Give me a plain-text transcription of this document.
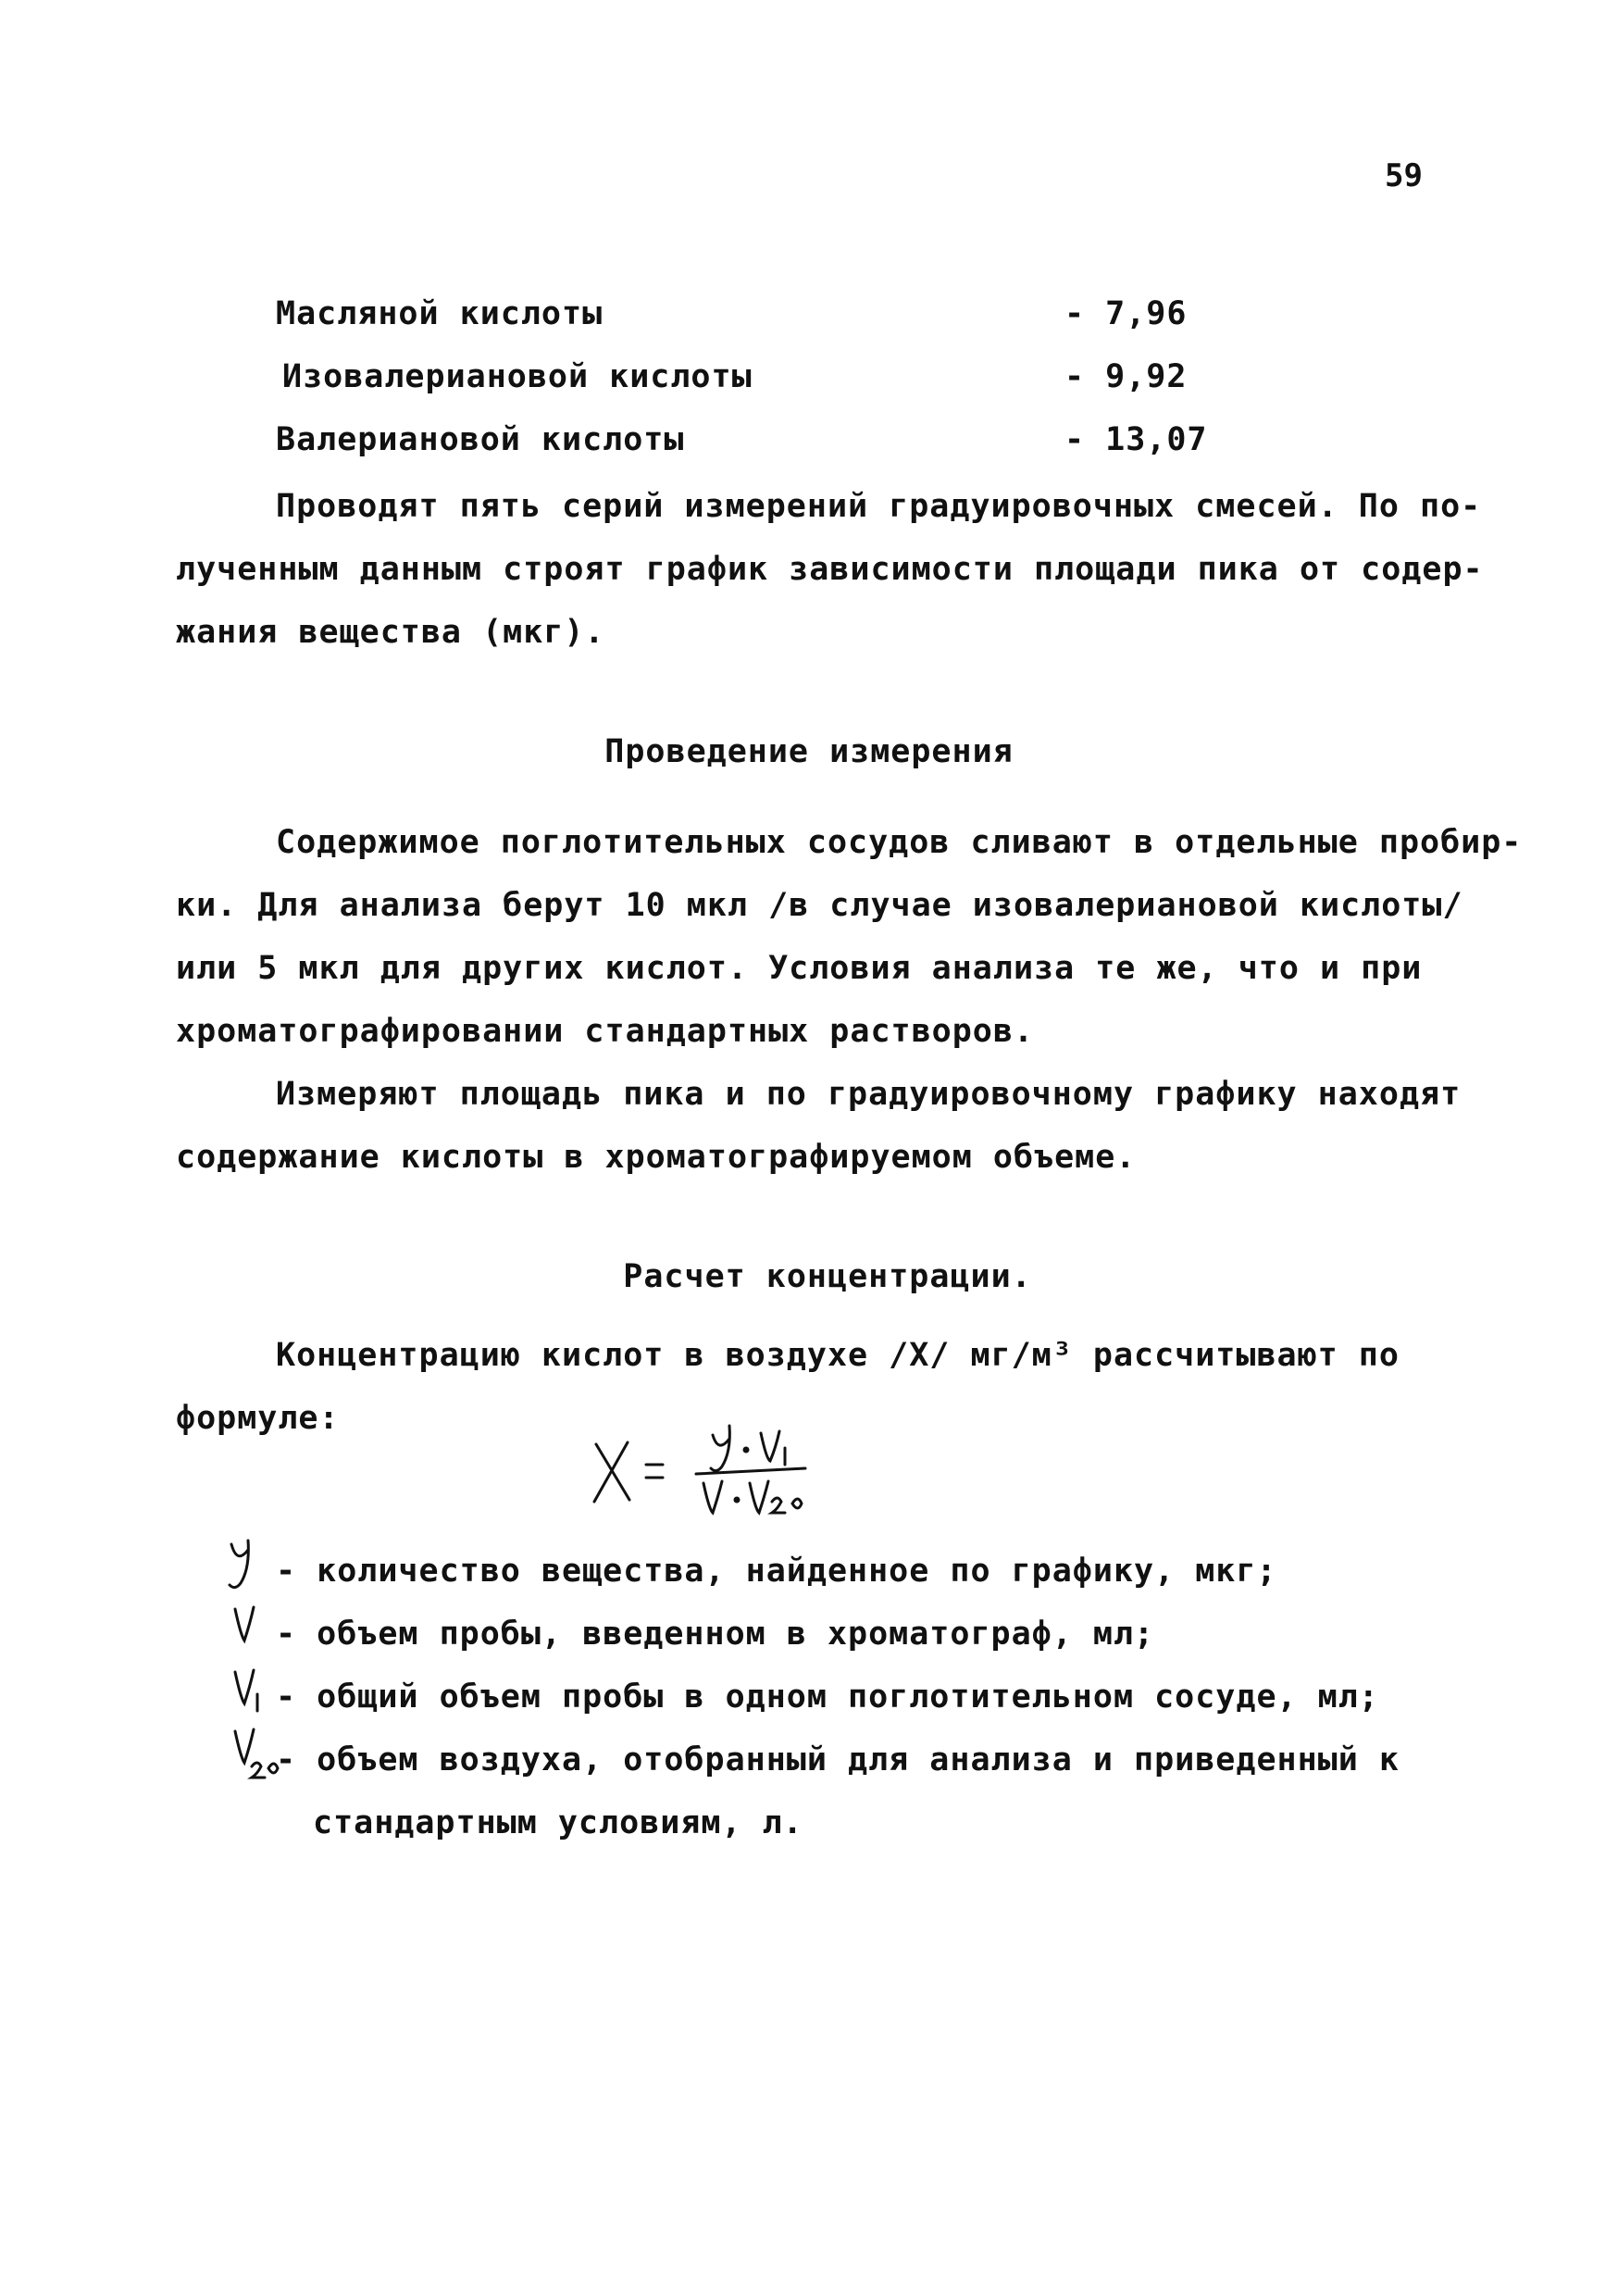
59
Масляной кислоты	- 7,96
Изовалериановой кислоты	- 9,92
Валериановой кислоты	- 13,07
Проводят пять серий измерений градуировочных смесей. По по-
лученным данным строят график зависимости площади пика от содер-
жания вещества (мкг).
Проведение измерения
Содержимое поглотительных сосудов сливают в отдельные пробир-
ки. Для анализа берут 10 мкл /в случае изовалериановой кислоты/
или 5 мкл для других кислот. Условия анализа те же, что и при
хроматографировании стандартных растворов.
Измеряют площадь пика и по градуировочному графику находят
содержание кислоты в хроматографируемом объеме.
Расчет концентрации.
Концентрацию кислот в воздухе /X/ мг/м³ рассчитывают по
формуле:
- количество вещества, найденное по графику, мкг;
- объем пробы, введенном в хроматограф, мл;
- общий объем пробы в одном поглотительном сосуде, мл;
- объем воздуха, отобранный для анализа и приведенный к
стандартным условиям, л.
